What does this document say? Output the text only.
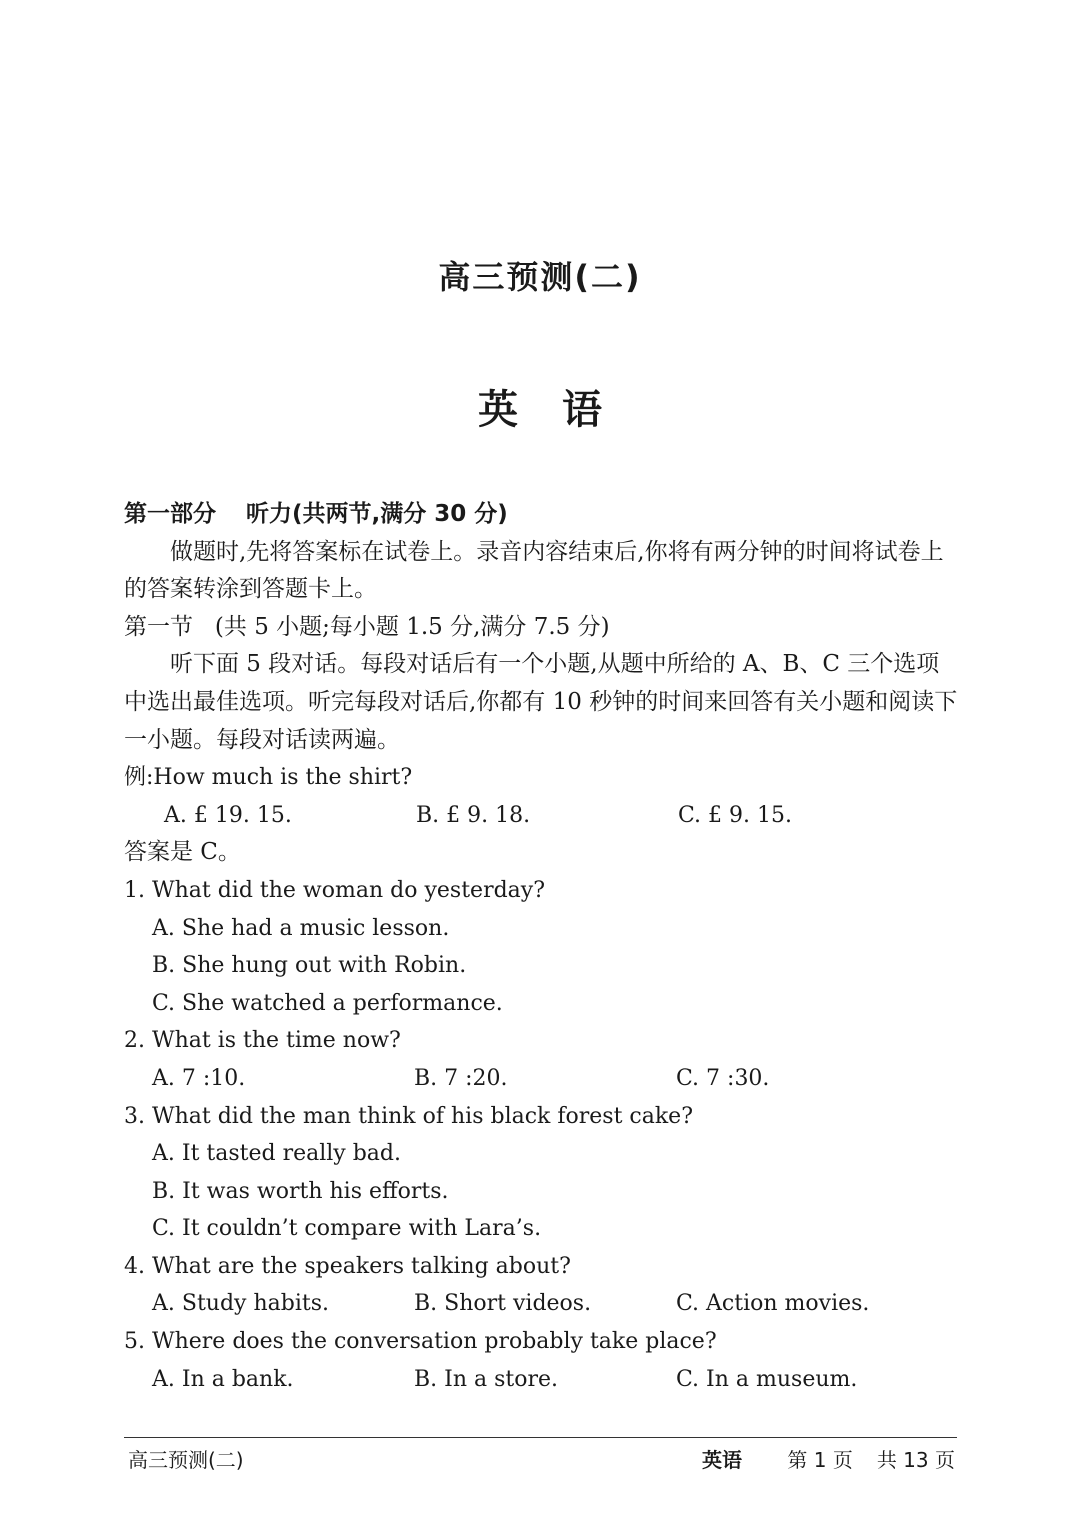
高三预测(二)
英 语
第一部分 听力(共两节,满分 30 分)
做题时,先将答案标在试卷上。录音内容结束后,你将有两分钟的时间将试卷上的答案转涂到答题卡上。
第一节   (共 5 小题;每小题 1.5 分,满分 7.5 分)
听下面 5 段对话。每段对话后有一个小题,从题中所给的 A、B、C 三个选项中选出最佳选项。听完每段对话后,你都有 10 秒钟的时间来回答有关小题和阅读下一小题。每段对话读两遍。
例:How much is the shirt?
A. £ 19. 15.	B. £ 9. 18.	C. £ 9. 15.
答案是 C。
1. What did the woman do yesterday?
A. She had a music lesson.
B. She hung out with Robin.
C. She watched a performance.
2. What is the time now?
A. 7 :10.	B. 7 :20.	C. 7 :30.
3. What did the man think of his black forest cake?
A. It tasted really bad.
B. It was worth his efforts.
C. It couldn’t compare with Lara’s.
4. What are the speakers talking about?
A. Study habits.	B. Short videos.	C. Action movies.
5. Where does the conversation probably take place?
A. In a bank.	B. In a store.	C. In a museum.
高三预测(二)	英语	第 1 页 共 13 页
